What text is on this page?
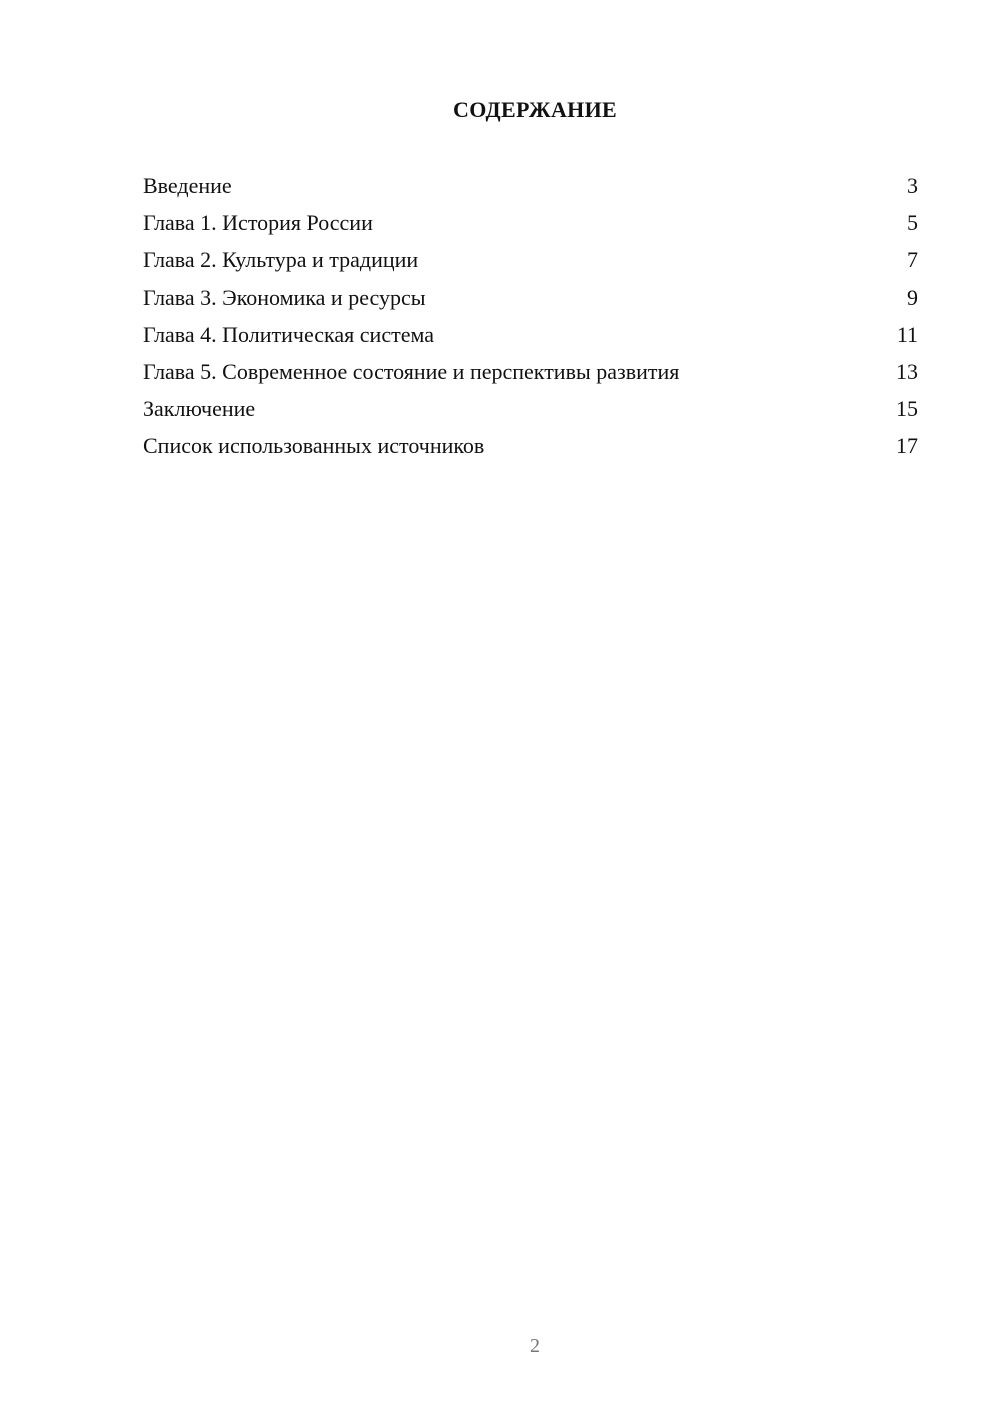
СОДЕРЖАНИЕ
Введение	3
Глава 1. История России	5
Глава 2. Культура и традиции	7
Глава 3. Экономика и ресурсы	9
Глава 4. Политическая система	11
Глава 5. Современное состояние и перспективы развития	13
Заключение	15
Список использованных источников	17
2
